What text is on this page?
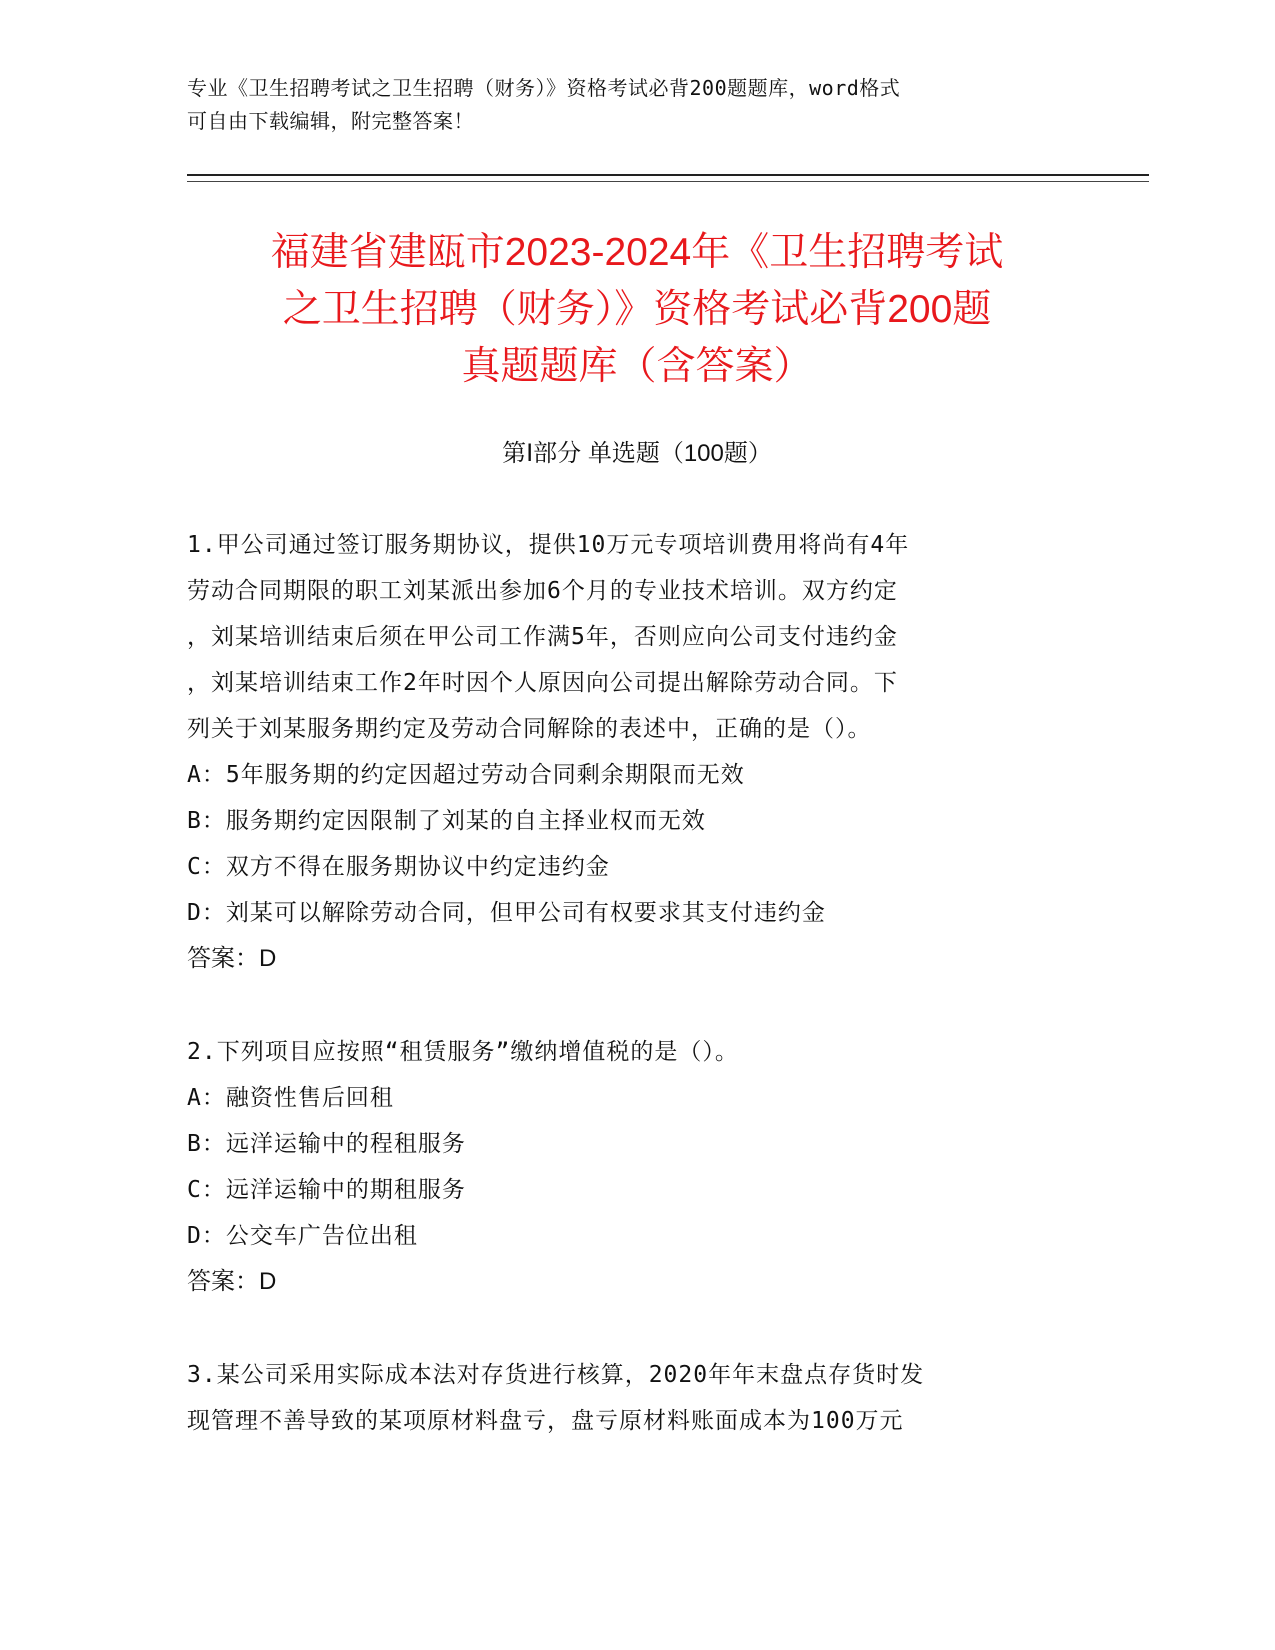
专业《卫生招聘考试之卫生招聘（财务）》资格考试必背200题题库，word格式
可自由下载编辑，附完整答案！
福建省建瓯市2023-2024年《卫生招聘考试
之卫生招聘（财务）》资格考试必背200题
真题题库（含答案）
第Ⅰ部分 单选题（100题）
1.甲公司通过签订服务期协议，提供10万元专项培训费用将尚有4年
劳动合同期限的职工刘某派出参加6个月的专业技术培训。双方约定
，刘某培训结束后须在甲公司工作满5年，否则应向公司支付违约金
，刘某培训结束工作2年时因个人原因向公司提出解除劳动合同。下
列关于刘某服务期约定及劳动合同解除的表述中，正确的是（）。
A：5年服务期的约定因超过劳动合同剩余期限而无效
B：服务期约定因限制了刘某的自主择业权而无效
C：双方不得在服务期协议中约定违约金
D：刘某可以解除劳动合同，但甲公司有权要求其支付违约金
答案：D
2.下列项目应按照“租赁服务”缴纳增值税的是（）。
A：融资性售后回租
B：远洋运输中的程租服务
C：远洋运输中的期租服务
D：公交车广告位出租
答案：D
3.某公司采用实际成本法对存货进行核算，2020年年末盘点存货时发
现管理不善导致的某项原材料盘亏，盘亏原材料账面成本为100万元
